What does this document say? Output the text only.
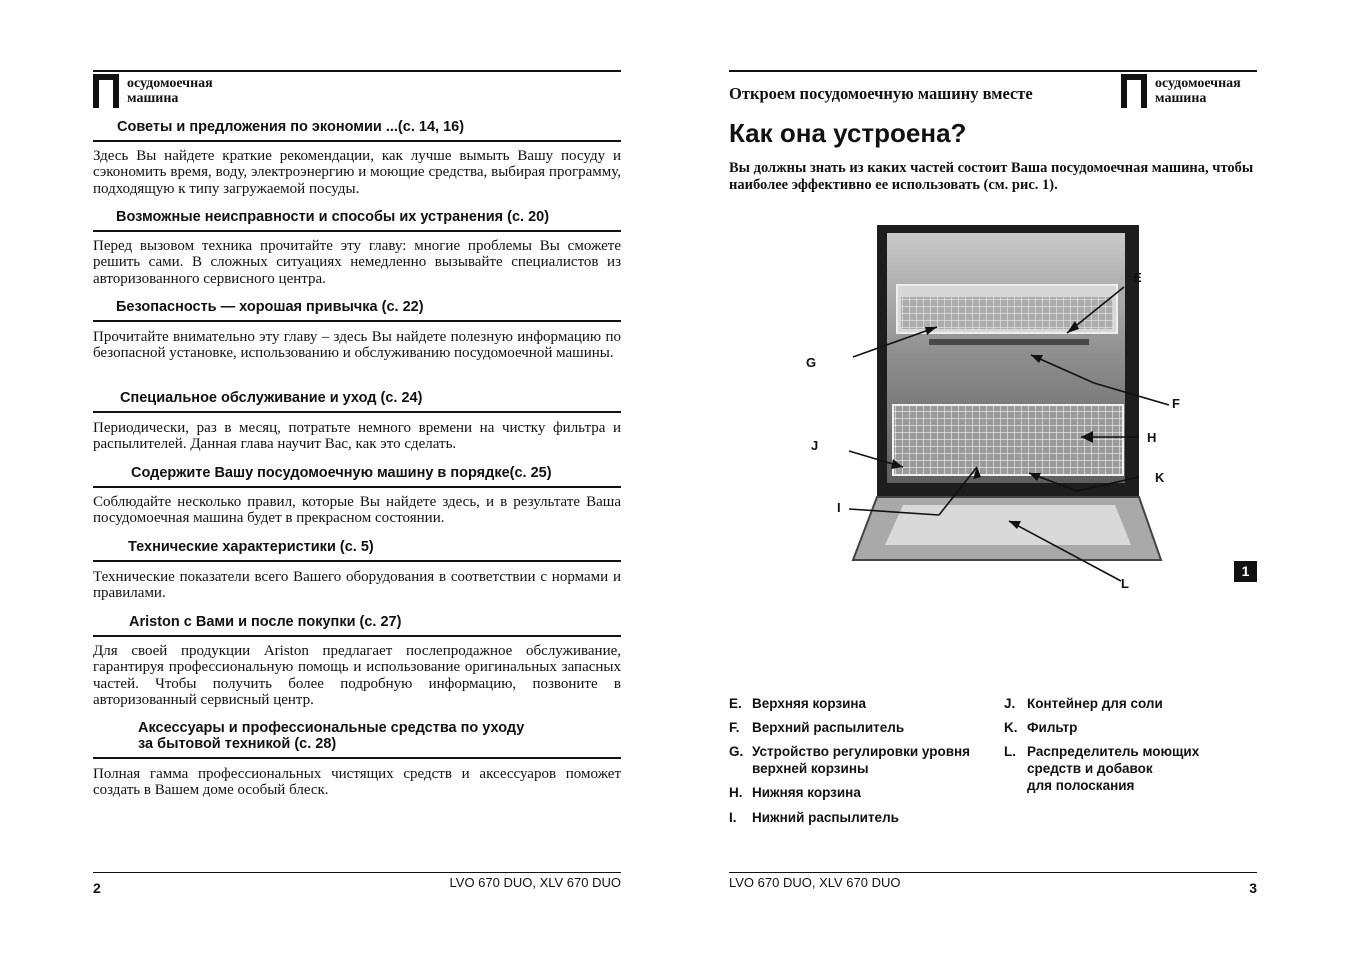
осудомоечная
машина
Советы и предложения по экономии ...(с. 14, 16)
Здесь Вы найдете краткие рекомендации, как лучше вымыть Вашу посуду и сэкономить время, воду, электроэнергию и моющие средства, выбирая программу, подходящую к типу загружаемой посуды.
Возможные неисправности и способы их устранения (с. 20)
Перед вызовом техника прочитайте эту главу: многие проблемы Вы сможете решить сами. В сложных ситуациях немедленно вызывайте специалистов из авторизованного сервисного центра.
Безопасность — хорошая привычка (с. 22)
Прочитайте внимательно эту главу – здесь Вы найдете полезную информацию по безопасной установке, использованию и обслуживанию посудомоечной машины.
Специальное обслуживание и уход (с. 24)
Периодически, раз в месяц, потратьте немного времени на чистку фильтра и распылителей. Данная глава научит Вас, как это сделать.
Содержите Вашу посудомоечную машину в порядке(с. 25)
Соблюдайте несколько правил, которые Вы найдете здесь, и в результате Ваша посудомоечная машина будет в прекрасном состоянии.
Технические характеристики (с. 5)
Технические показатели всего Вашего оборудования в соответствии с нормами и правилами.
Ariston с Вами и после покупки (с. 27)
Для своей продукции Ariston предлагает послепродажное обслуживание, гарантируя профессиональную помощь и использование оригинальных запасных частей. Чтобы получить более подробную информацию, позвоните в авторизованный сервисный центр.
Аксессуары и профессиональные средства по уходу
за бытовой техникой (с. 28)
Полная гамма профессиональных чистящих средств и аксессуаров поможет создать в Вашем доме особый блеск.
2	LVO 670 DUO, XLV 670 DUO
Откроем посудомоечную машину вместе
осудомоечная
машина
Как она устроена?
Вы должны знать из каких частей состоит Ваша посудомоечная машина, чтобы наиболее эффективно ее использовать (см. рис. 1).
E
F
G
H
I
J
K
L
1
E. Верхняя корзина
F. Верхний распылитель
G. Устройство регулировки уровня
верхней корзины
H. Нижняя корзина
I. Нижний распылитель
J. Контейнер для соли
K. Фильтр
L. Распределитель моющих
средств и добавок
для полоскания
LVO 670 DUO, XLV 670 DUO	3
